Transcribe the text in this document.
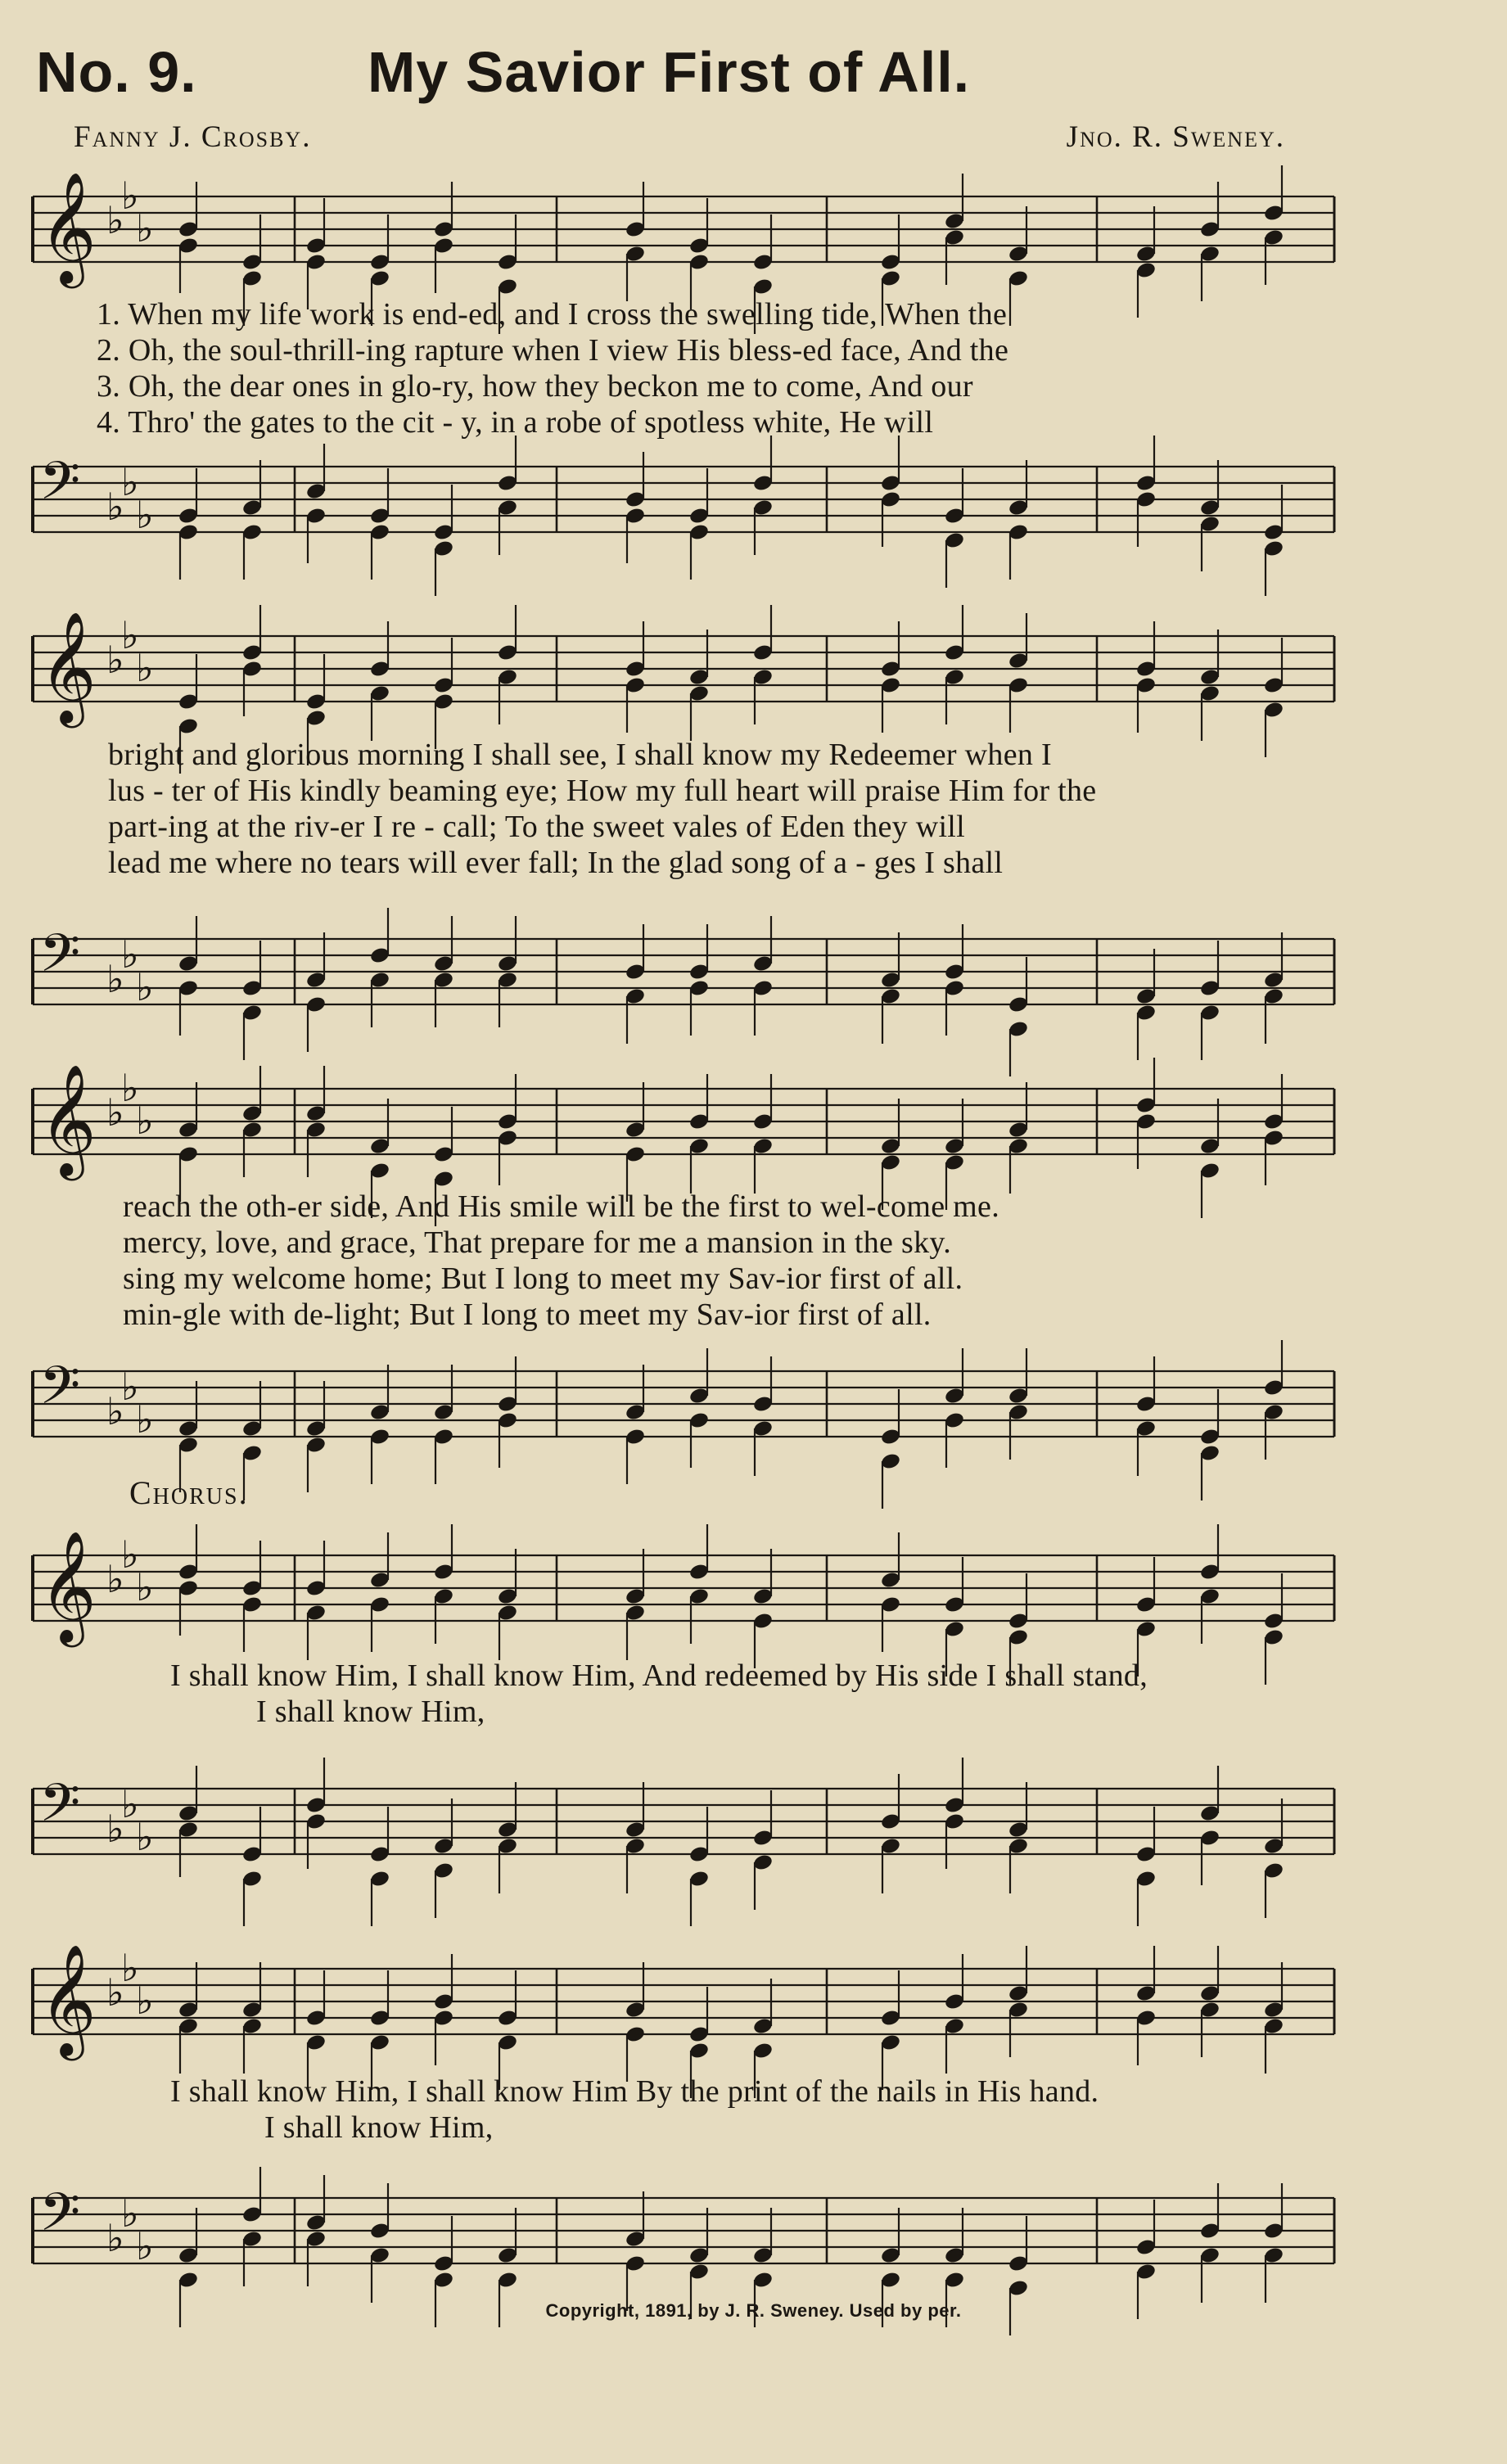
No. 9.	My Savior First of All.
Fanny J. Crosby.	Jno. R. Sweney.
𝄞 ♭
♭
♭
𝄢 ♭
♭
♭
1. When my life work is end-ed, and I cross the swelling tide, When the
2. Oh, the soul-thrill-ing rapture when I view His bless-ed face, And the
3. Oh, the dear ones in glo-ry, how they beckon me to come, And our
4. Thro' the gates to the cit - y, in a robe of spotless white, He will
𝄞 ♭
♭
♭
𝄢 ♭
♭
♭
bright and glorious morning I shall see, I shall know my Redeemer when I
lus - ter of His kindly beaming eye; How my full heart will praise Him for the
part-ing at the riv-er I re - call; To the sweet vales of Eden they will
lead me where no tears will ever fall; In the glad song of a - ges I shall
𝄞 ♭
♭
♭
𝄢 ♭
♭
♭
reach the oth-er side, And His smile will be the first to wel-come me.
mercy, love, and grace, That prepare for me a mansion in the sky.
sing my welcome home; But I long to meet my Sav-ior first of all.
min-gle with de-light; But I long to meet my Sav-ior first of all.
Chorus.
𝄞 ♭
♭
♭
𝄢 ♭
♭
♭
I shall know Him, I shall know Him, And redeemed by His side I shall stand,
I shall know Him,
𝄞 ♭
♭
♭
𝄢 ♭
♭
♭
I shall know Him, I shall know Him By the print of the nails in His hand.
I shall know Him,
Copyright, 1891, by J. R. Sweney. Used by per.
